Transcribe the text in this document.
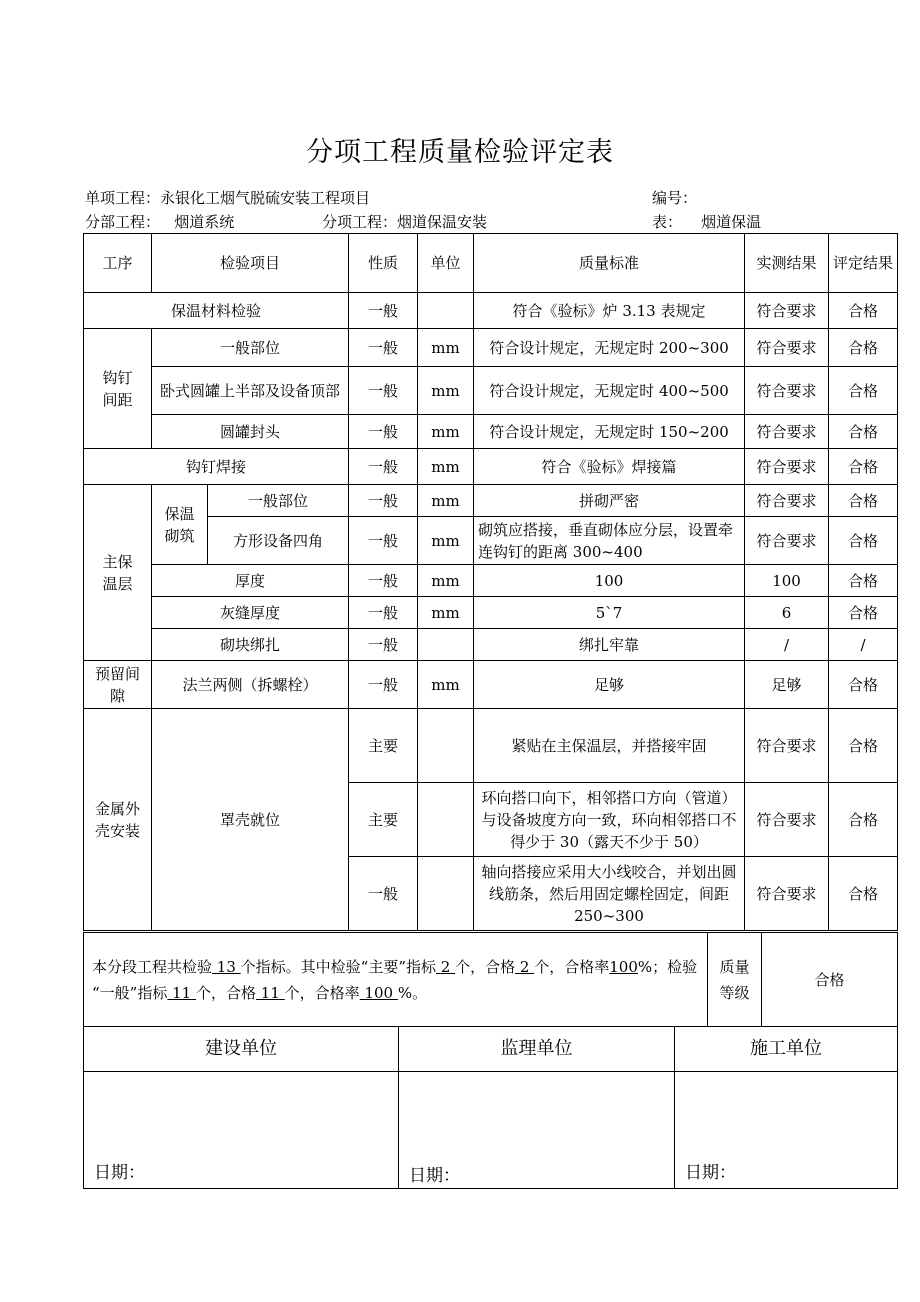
分项工程质量检验评定表
单项工程：永银化工烟气脱硫安装工程项目	编号：
分部工程：   烟道系统	分项工程：烟道保温安装	表：    烟道保温
工序	检验项目		性质	单位	质量标准	实测结果	评定结果
保温材料检验			一般		符合《验标》炉 3.13 表规定	符合要求	合格
钩钉间距	一般部位		一般	mm	符合设计规定，无规定时 200~300	符合要求	合格
	卧式圆罐上半部及设备顶部		一般	mm	符合设计规定，无规定时 400~500	符合要求	合格
	圆罐封头		一般	mm	符合设计规定，无规定时 150~200	符合要求	合格
钩钉焊接			一般	mm	符合《验标》焊接篇	符合要求	合格
主保温层	保温砌筑	一般部位	一般	mm	拼砌严密	符合要求	合格
		方形设备四角	一般	mm	砌筑应搭接，垂直砌体应分层，设置牵连钩钉的距离 300~400	符合要求	合格
	厚度		一般	mm	100	100	合格
	灰缝厚度		一般	mm	5`7	6	合格
	砌块绑扎		一般		绑扎牢靠	/	/
预留间隙	法兰两侧（拆螺栓）		一般	mm	足够	足够	合格
金属外壳安装	罩壳就位		主要		紧贴在主保温层，并搭接牢固	符合要求	合格
			主要		环向搭口向下，相邻搭口方向（管道）与设备坡度方向一致，环向相邻搭口不得少于 30（露天不少于 50）	符合要求	合格
			一般		轴向搭接应采用大小线咬合，并划出圆线筋条，然后用固定螺栓固定，间距 250~300	符合要求	合格
本分段工程共检验 13 个指标。其中检验“主要”指标 2 个，合格 2 个，合格率100%；检验 “一般”指标 11 个，合格 11 个，合格率 100 %。	质量等级	合格
建设单位	监理单位	施工单位

日期：	日期：	日期：
